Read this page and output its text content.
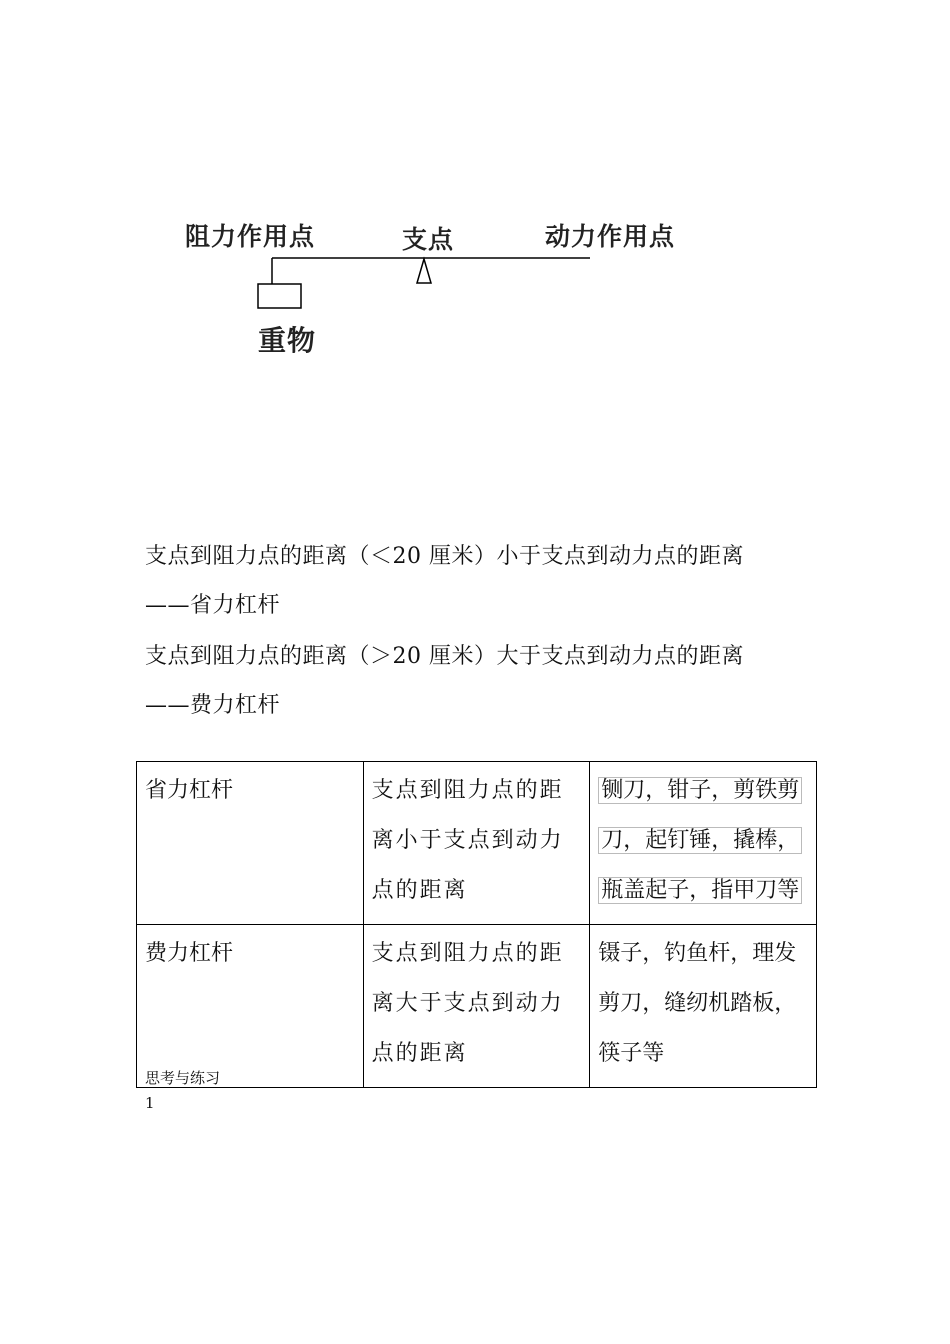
阻力作用点	支点	动力作用点
重物
支点到阻力点的距离（＜20 厘米）小于支点到动力点的距离
——省力杠杆
支点到阻力点的距离（＞20 厘米）大于支点到动力点的距离
——费力杠杆
省力杠杆	支点到阻力点的距离小于支点到动力点的距离	铡刀，钳子，剪铁剪
刀，起钉锤，撬棒，
瓶盖起子，指甲刀等
费力杠杆	支点到阻力点的距离大于支点到动力点的距离	镊子，钓鱼杆，理发
剪刀，缝纫机踏板，
筷子等
思考与练习
1
